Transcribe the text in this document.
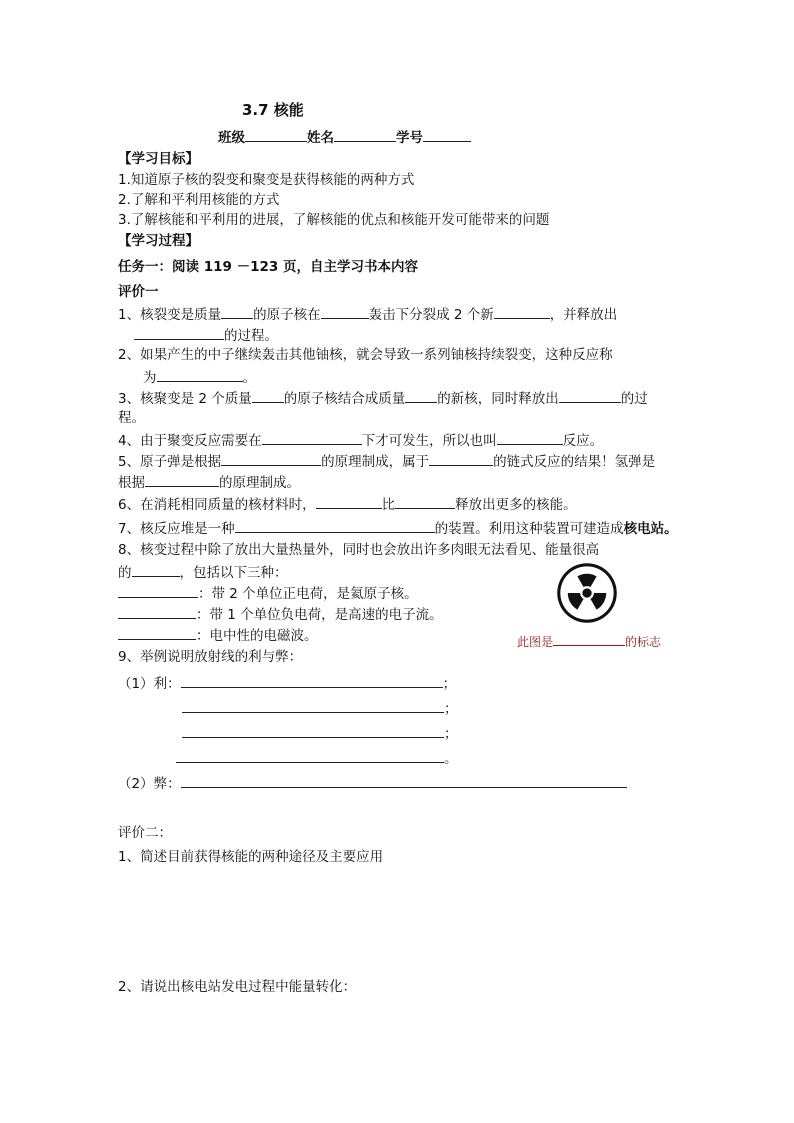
3.7 核能
班级	姓名	学号
【学习目标】
1.知道原子核的裂变和聚变是获得核能的两种方式
2.了解和平利用核能的方式
3.了解核能和平利用的进展，了解核能的优点和核能开发可能带来的问题
【学习过程】
任务一：阅读 119 －123 页，自主学习书本内容
评价一
1、核裂变是质量 的原子核在	轰击下分裂成 2 个新	，并释放出
的过程。
2、如果产生的中子继续轰击其他铀核，就会导致一系列铀核持续裂变，这种反应称
为	。
3、核聚变是 2 个质量 的原子核结合成质量 的新核，同时释放出	的过
程。
4、由于聚变反应需要在	下才可发生，所以也叫	反应。
5、原子弹是根据	的原理制成，属于	的链式反应的结果！氢弹是
根据	的原理制成。
6、在消耗相同质量的核材料时，	比	释放出更多的核能。
7、核反应堆是一种	的装置。利用这种装置可建造成核电站。
8、核变过程中除了放出大量热量外，同时也会放出许多肉眼无法看见、能量很高
的	，包括以下三种：
：带 2 个单位正电荷，是氦原子核。
：带 1 个单位负电荷，是高速的电子流。
：电中性的电磁波。	此图是	的标志
9、举例说明放射线的利与弊：
（1）利：	；
；
；
。
（2）弊：
评价二：
1、简述目前获得核能的两种途径及主要应用
2、请说出核电站发电过程中能量转化：
